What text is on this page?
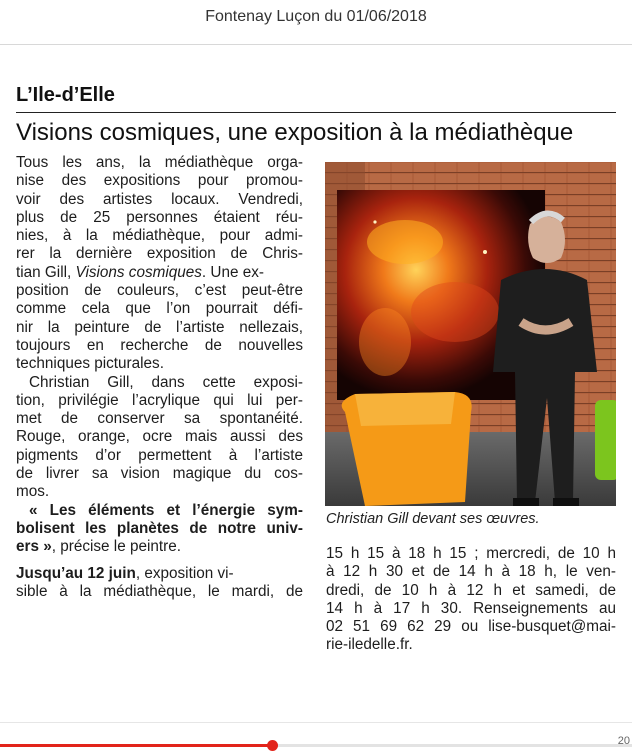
Fontenay Luçon du 01/06/2018
L’Ile-d’Elle
Visions cosmiques, une exposition à la médiathèque
Tous les ans, la médiathèque orga-
nise des expositions pour promou-
voir des artistes locaux. Vendredi,
plus de 25 personnes étaient réu-
nies, à la médiathèque, pour admi-
rer la dernière exposition de Chris-
tian Gill, Visions cosmiques. Une ex-
position de couleurs, c’est peut-être
comme cela que l’on pourrait défi-
nir la peinture de l’artiste nellezais,
toujours en recherche de nouvelles
techniques picturales.
Christian Gill, dans cette exposi-
tion, privilégie l’acrylique qui lui per-
met de conserver sa spontanéité.
Rouge, orange, ocre mais aussi des
pigments d’or permettent à l’artiste
de livrer sa vision magique du cos-
mos.
« Les éléments et l’énergie sym-
bolisent les planètes de notre univ-
ers », précise le peintre.
Jusqu’au 12 juin, exposition vi-
sible à la médiathèque, le mardi, de
Christian Gill devant ses œuvres.
15 h 15 à 18 h 15 ; mercredi, de 10 h
à 12 h 30 et de 14 h à 18 h, le ven-
dredi, de 10 h à 12 h et samedi, de
14 h à 17 h 30. Renseignements au
02 51 69 62 29 ou lise-busquet@mai-
rie-iledelle.fr.
20
